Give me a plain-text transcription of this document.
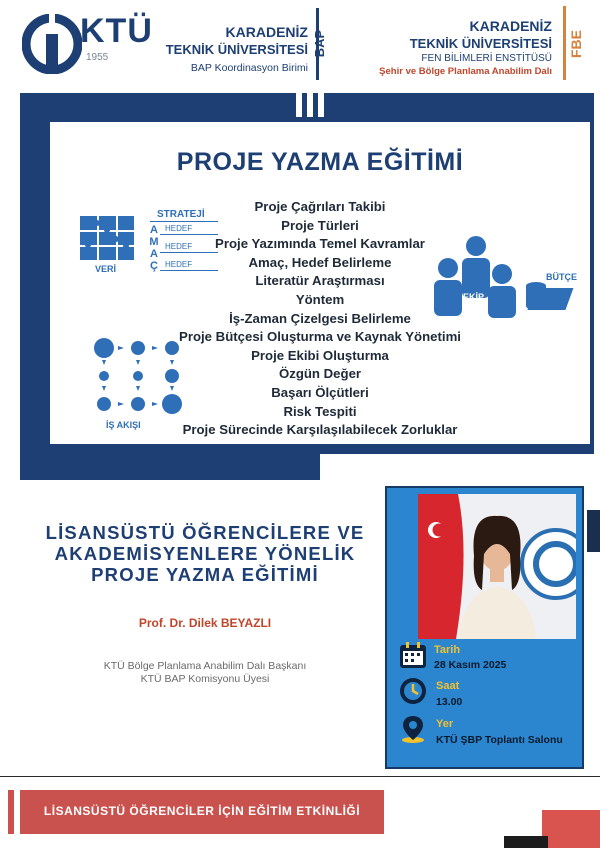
KTÜ
1955
KARADENİZ
TEKNİK ÜNİVERSİTESİ
BAP Koordinasyon Birimi
BAP
KARADENİZ
TEKNİK ÜNİVERSİTESİ
FEN BİLİMLERİ ENSTİTÜSÜ
Şehir ve Bölge Planlama Anabilim Dalı
FBE
PROJE YAZMA EĞİTİMİ
Proje Çağrıları Takibi
Proje Türleri
Proje Yazımında Temel Kavramlar
Amaç, Hedef Belirleme
Literatür Araştırması
Yöntem
İş-Zaman Çizelgesi Belirleme
Proje Bütçesi Oluşturma ve Kaynak Yönetimi
Proje Ekibi Oluşturma
Özgün Değer
Başarı Ölçütleri
Risk Tespiti
Proje Sürecinde Karşılaşılabilecek Zorluklar
VERİ
STRATEJİ
A
M
A
Ç
HEDEF
HEDEF
HEDEF
İŞ AKIŞI
EKİP
BÜTÇE
LİSANSÜSTÜ ÖĞRENCİLERE VE
AKADEMİSYENLERE YÖNELİK
PROJE YAZMA EĞİTİMİ
Prof. Dr. Dilek BEYAZLI
KTÜ Bölge Planlama Anabilim Dalı Başkanı
KTÜ BAP Komisyonu Üyesi
Tarih
28 Kasım 2025
Saat
13.00
Yer
KTÜ ŞBP Toplantı Salonu
LİSANSÜSTÜ ÖĞRENCİLER İÇİN EĞİTİM ETKİNLİĞİ
